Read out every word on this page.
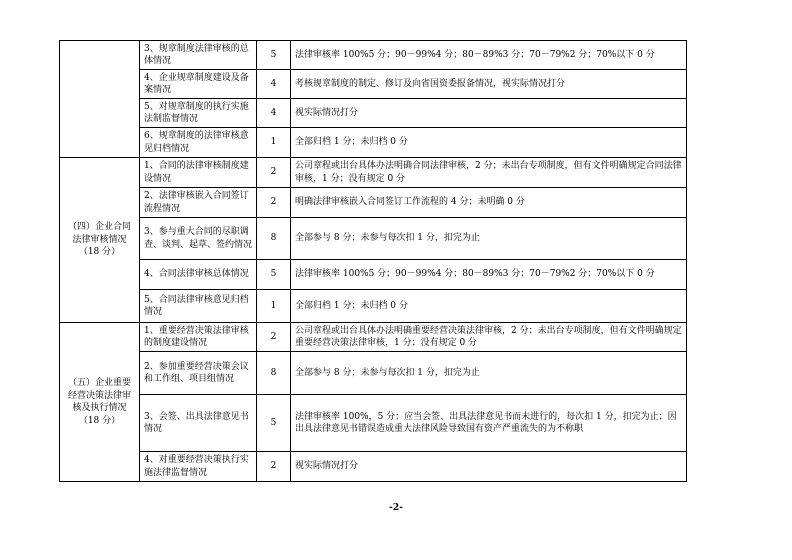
	3、规章制度法律审核的总体情况	5	法律审核率 100%5 分；90－99%4 分；80－89%3 分；70－79%2 分；70%以下 0 分
	4、企业规章制度建设及备案情况	4	考核规章制度的制定、修订及向省国资委报备情况，视实际情况打分
	5、对规章制度的执行实施法制监督情况	4	视实际情况打分
	6、规章制度的法律审核意见归档情况	1	全部归档 1 分；未归档 0 分
（四）企业合同法律审核情况（18 分）	1、合同的法律审核制度建设情况	2	公司章程或出台具体办法明确合同法律审核，2 分；未出台专项制度，但有文件明确规定合同法律审核，1 分；没有规定 0 分
	2、法律审核嵌入合同签订流程情况	2	明确法律审核嵌入合同签订工作流程的 4 分；未明确 0 分
	3、参与重大合同的尽职调查、谈判、起草、签约情况	8	全部参与 8 分；未参与每次扣 1 分，扣完为止
	4、合同法律审核总体情况	5	法律审核率 100%5 分；90－99%4 分；80－89%3 分；70－79%2 分；70%以下 0 分
	5、合同法律审核意见归档情况	1	全部归档 1 分；未归档 0 分
（五）企业重要经营决策法律审核及执行情况（18 分）	1、重要经营决策法律审核的制度建设情况	2	公司章程或出台具体办法明确重要经营决策法律审核，2 分；未出台专项制度，但有文件明确规定重要经营决策法律审核，1 分；没有规定 0 分
	2、参加重要经营决策会议和工作组、项目组情况	8	全部参与 8 分；未参与每次扣 1 分，扣完为止
	3、会签、出具法律意见书情况	5	法律审核率 100%，5 分；应当会签、出具法律意见书而未进行的，每次扣 1 分，扣完为止；因出具法律意见书错误造成重大法律风险导致国有资产严重流失的为不称职
	4、对重要经营决策执行实施法律监督情况	2	视实际情况打分
-2-
